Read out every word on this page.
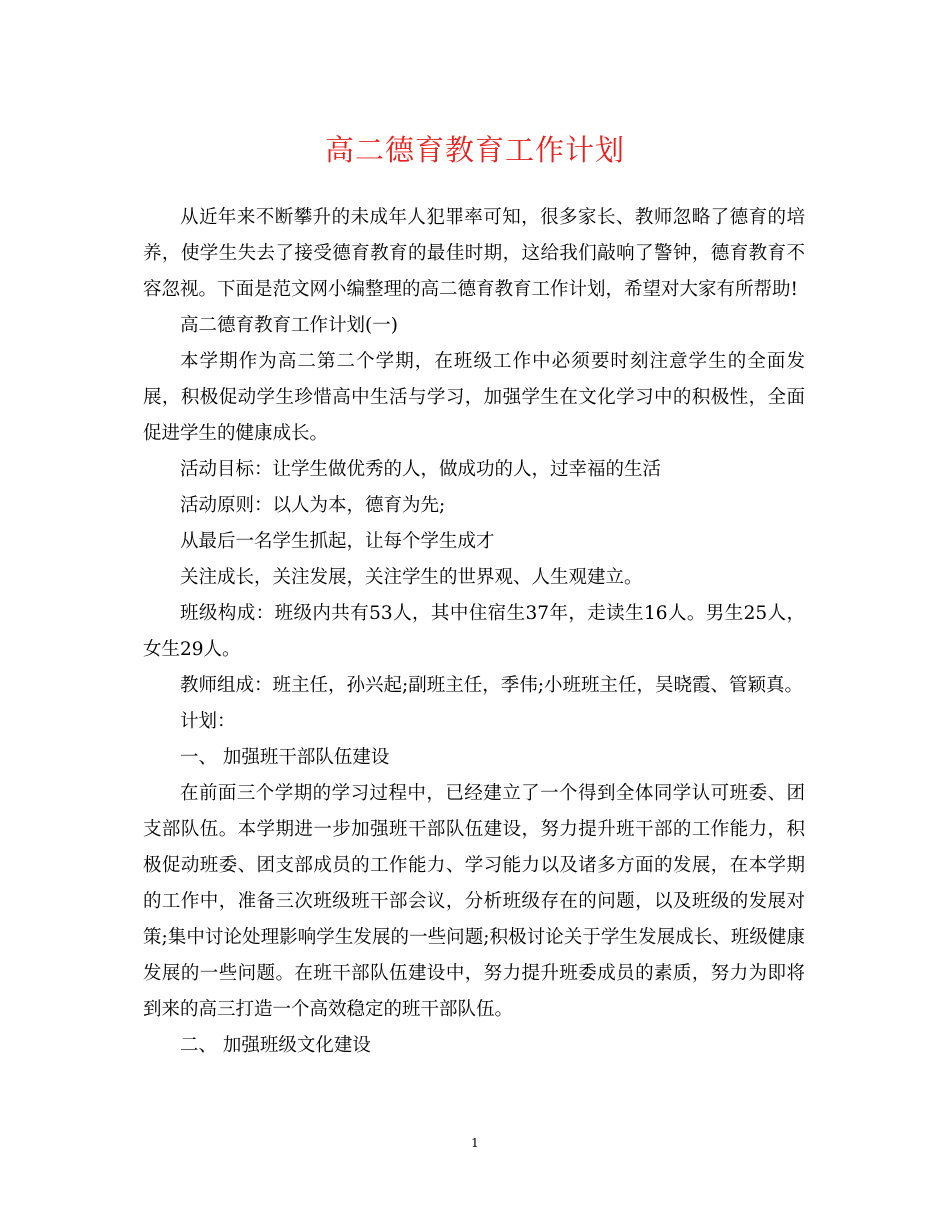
高二德育教育工作计划

从近年来不断攀升的未成年人犯罪率可知，很多家长、教师忽略了德育的培养，使学生失去了接受德育教育的最佳时期，这给我们敲响了警钟，德育教育不容忽视。下面是范文网小编整理的高二德育教育工作计划，希望对大家有所帮助!

高二德育教育工作计划(一)

本学期作为高二第二个学期，在班级工作中必须要时刻注意学生的全面发展，积极促动学生珍惜高中生活与学习，加强学生在文化学习中的积极性，全面促进学生的健康成长。

活动目标：让学生做优秀的人，做成功的人，过幸福的生活

活动原则：以人为本，德育为先;

从最后一名学生抓起，让每个学生成才

关注成长，关注发展，关注学生的世界观、人生观建立。

班级构成：班级内共有53人，其中住宿生37年，走读生16人。男生25人，女生29人。

教师组成：班主任，孙兴起;副班主任，季伟;小班班主任，吴晓霞、管颖真。

计划：

一、 加强班干部队伍建设

在前面三个学期的学习过程中，已经建立了一个得到全体同学认可班委、团支部队伍。本学期进一步加强班干部队伍建设，努力提升班干部的工作能力，积极促动班委、团支部成员的工作能力、学习能力以及诸多方面的发展，在本学期的工作中，准备三次班级班干部会议，分析班级存在的问题，以及班级的发展对策;集中讨论处理影响学生发展的一些问题;积极讨论关于学生发展成长、班级健康发展的一些问题。在班干部队伍建设中，努力提升班委成员的素质，努力为即将到来的高三打造一个高效稳定的班干部队伍。

二、 加强班级文化建设

1
